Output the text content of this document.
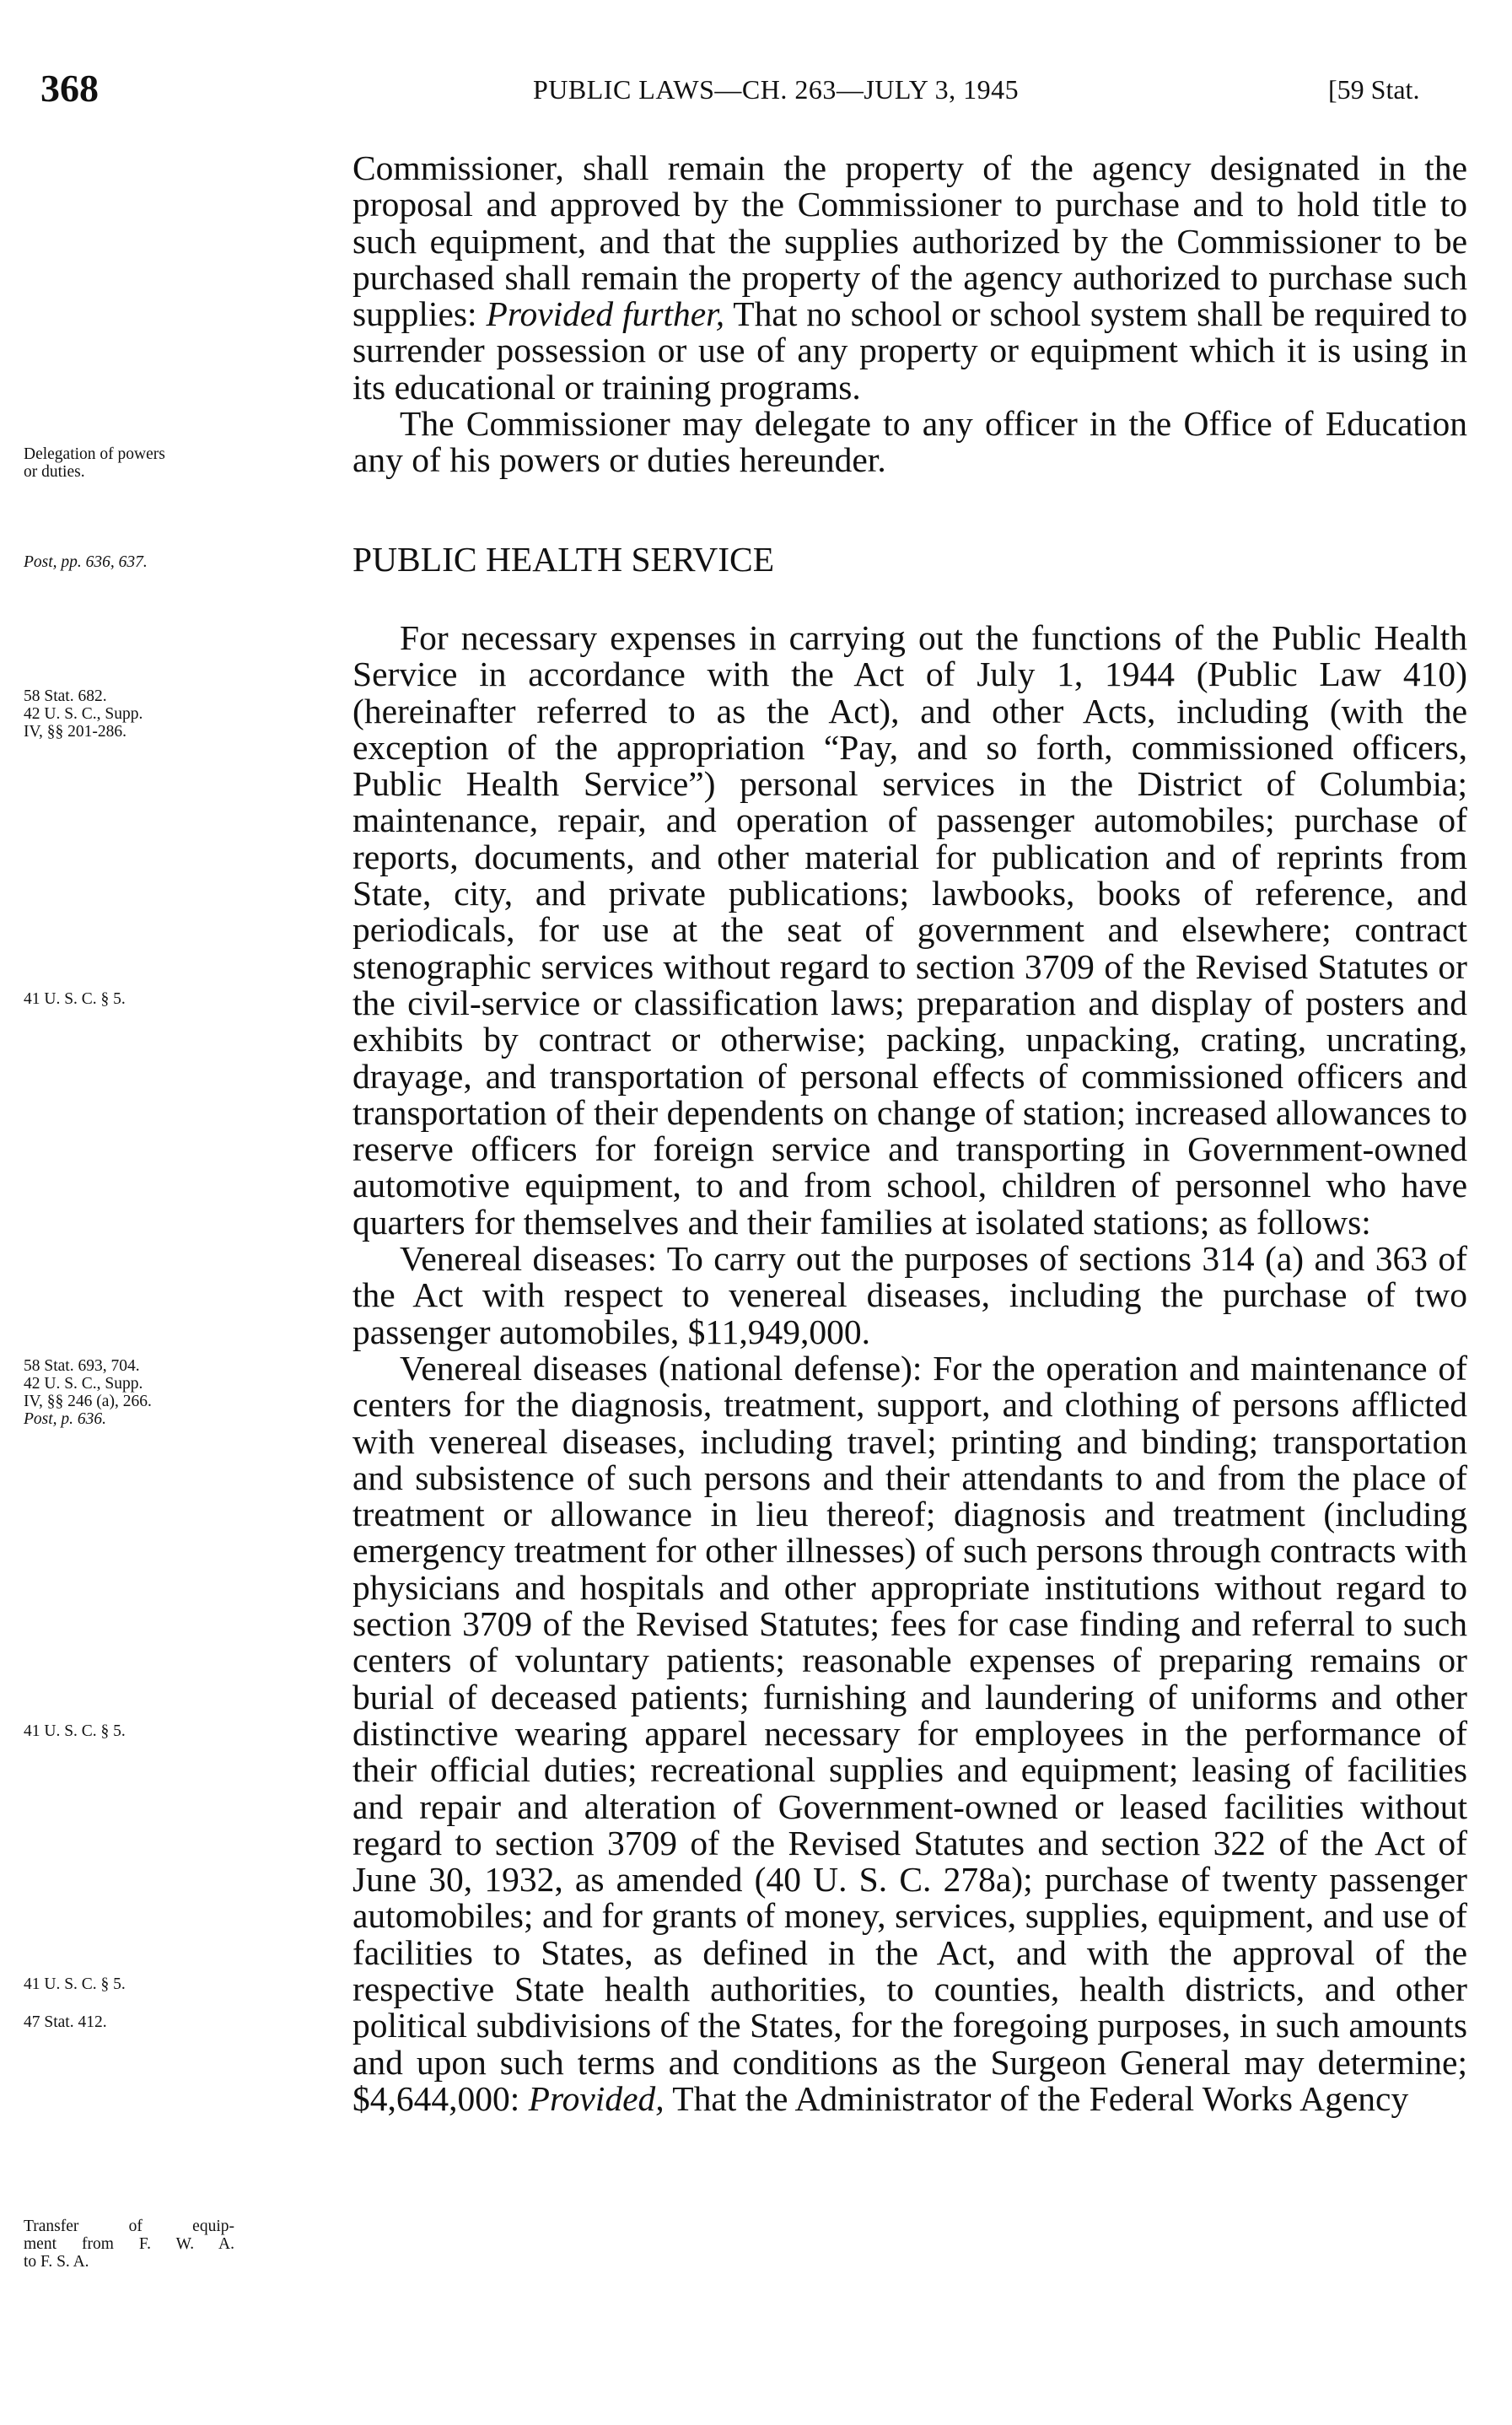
368	PUBLIC LAWS—CH. 263—JULY 3, 1945	[59 Stat.

Commissioner, shall remain the property of the agency designated in the proposal and approved by the Commissioner to purchase and to hold title to such equipment, and that the supplies authorized by the Commissioner to be purchased shall remain the property of the agency authorized to purchase such supplies: Provided further, That no school or school system shall be required to surrender possession or use of any property or equipment which it is using in its educational or training programs.

The Commissioner may delegate to any officer in the Office of Education any of his powers or duties hereunder.

PUBLIC HEALTH SERVICE

For necessary expenses in carrying out the functions of the Public Health Service in accordance with the Act of July 1, 1944 (Public Law 410) (hereinafter referred to as the Act), and other Acts, including (with the exception of the appropriation “Pay, and so forth, commissioned officers, Public Health Service”) personal services in the District of Columbia; maintenance, repair, and operation of passenger automobiles; purchase of reports, documents, and other material for publication and of reprints from State, city, and private publications; lawbooks, books of reference, and periodicals, for use at the seat of government and elsewhere; contract stenographic services without regard to section 3709 of the Revised Statutes or the civil-service or classification laws; preparation and display of posters and exhibits by contract or otherwise; packing, unpacking, crating, uncrating, drayage, and transportation of personal effects of commissioned officers and transportation of their dependents on change of station; increased allowances to reserve officers for foreign service and transporting in Government-owned automotive equipment, to and from school, children of personnel who have quarters for themselves and their families at isolated stations; as follows:

Venereal diseases: To carry out the purposes of sections 314 (a) and 363 of the Act with respect to venereal diseases, including the purchase of two passenger automobiles, $11,949,000.

Venereal diseases (national defense): For the operation and maintenance of centers for the diagnosis, treatment, support, and clothing of persons afflicted with venereal diseases, including travel; printing and binding; transportation and subsistence of such persons and their attendants to and from the place of treatment or allowance in lieu thereof; diagnosis and treatment (including emergency treatment for other illnesses) of such persons through contracts with physicians and hospitals and other appropriate institutions without regard to section 3709 of the Revised Statutes; fees for case finding and referral to such centers of voluntary patients; reasonable expenses of preparing remains or burial of deceased patients; furnishing and laundering of uniforms and other distinctive wearing apparel necessary for employees in the performance of their official duties; recreational supplies and equipment; leasing of facilities and repair and alteration of Government-owned or leased facilities without regard to section 3709 of the Revised Statutes and section 322 of the Act of June 30, 1932, as amended (40 U. S. C. 278a); purchase of twenty passenger automobiles; and for grants of money, services, supplies, equipment, and use of facilities to States, as defined in the Act, and with the approval of the respective State health authorities, to counties, health districts, and other political subdivisions of the States, for the foregoing purposes, in such amounts and upon such terms and conditions as the Surgeon General may determine; $4,644,000: Provided, That the Administrator of the Federal Works Agency

Delegation of powers

or duties.

Post, pp. 636, 637.

58 Stat. 682.

42 U. S. C., Supp.

IV, §§ 201-286.

41 U. S. C. § 5.

58 Stat. 693, 704.

42 U. S. C., Supp.

IV, §§ 246 (a), 266.

Post, p. 636.

41 U. S. C. § 5.

41 U. S. C. § 5.

47 Stat. 412.

Transfer of equip-

ment from F. W. A.

to F. S. A.
